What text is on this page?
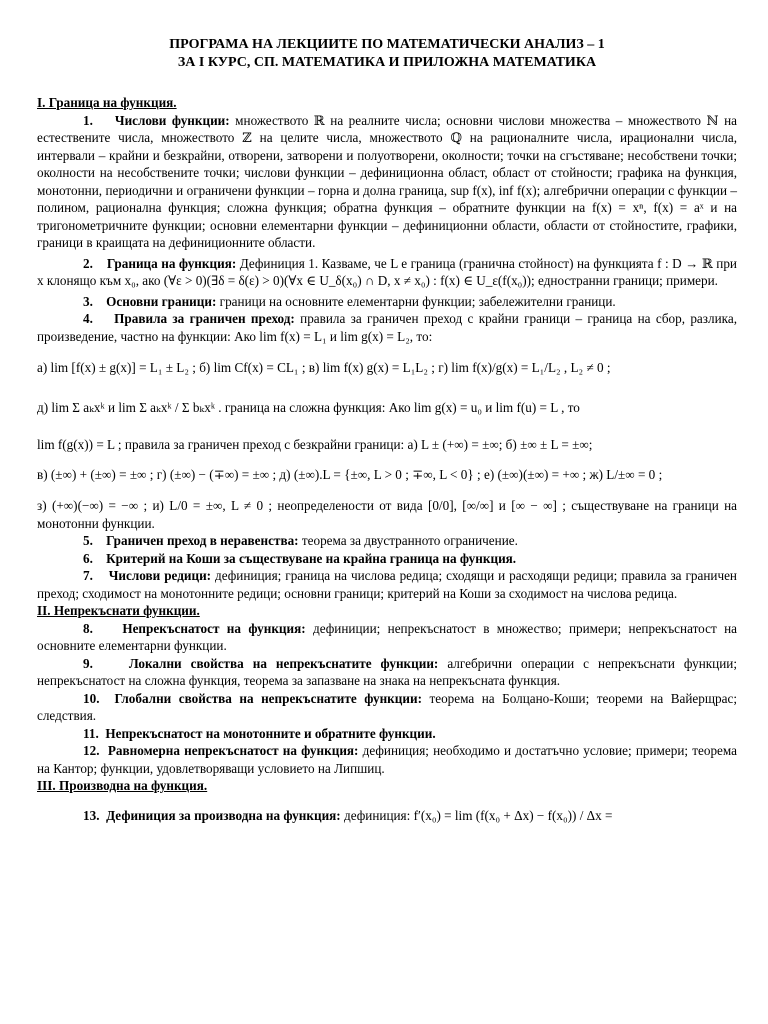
ПРОГРАМА НА ЛЕКЦИИТЕ ПО МАТЕМАТИЧЕСКИ АНАЛИЗ – 1
ЗА I КУРС, СП. МАТЕМАТИКА И ПРИЛОЖНА МАТЕМАТИКА
I. Граница на функция.

1.    Числови функции: множеството ℝ на реалните числа; основни числови множества – множеството ℕ на естествените числа, множеството ℤ на целите числа, множеството ℚ на рационалните числа, ирационални числа, интервали – крайни и безкрайни, отворени, затворени и полуотворени, околности; точки на сгъстяване; несобствени точки; околности на несобствените точки; числови функции – дефиниционна област, област от стойности; графика на функция, монотонни, периодични и ограничени функции – горна и долна граница, sup f(x), inf f(x); алгебрични операции с функции – полином, рационална функция; сложна функция; обратна функция – обратните функции на f(x) = xⁿ, f(x) = aˣ и на тригонометричните функции; основни елементарни функции – дефиниционни области, области от стойностите, графики, граници в краищата на дефиниционните области.

2.    Граница на функция: Дефиниция 1. Казваме, че L е граница (гранична стойност) на функцията f : D → ℝ при x клонящо към x₀, ако (∀ε > 0)(∃δ = δ(ε) > 0)(∀x ∈ U_δ(x₀) ∩ D, x ≠ x₀) : f(x) ∈ U_ε(f(x₀)); едностранни граници; примери.

3.    Основни граници: граници на основните елементарни функции; забележителни граници.

4.    Правила за граничен преход: правила за граничен преход с крайни граници – граница на сбор, разлика, произведение, частно на функции: Ако lim f(x) = L₁ и lim g(x) = L₂, то:

а) lim [f(x) ± g(x)] = L₁ ± L₂ ; б) lim Cf(x) = CL₁ ; в) lim f(x) g(x) = L₁L₂ ; г) lim f(x)/g(x) = L₁/L₂ , L₂ ≠ 0 ;
д) lim Σ aₖxᵏ и lim Σ aₖxᵏ / Σ bₖxᵏ . граница на сложна функция: Ако lim g(x) = u₀ и lim f(u) = L , то
lim f(g(x)) = L ; правила за граничен преход с безкрайни граници: а) L ± (+∞) = ±∞; б) ±∞ ± L = ±∞;
в) (±∞) + (±∞) = ±∞ ; г) (±∞) − (∓∞) = ±∞ ; д) (±∞).L = {±∞, L > 0 ; ∓∞, L < 0} ; е) (±∞)(±∞) = +∞ ; ж) L/±∞ = 0 ;

з) (+∞)(−∞) = −∞ ; и) L/0 = ±∞, L ≠ 0 ; неопределености от вида [0/0], [∞/∞] и [∞ − ∞] ; съществуване на граници на монотонни функции.

5.    Граничен преход в неравенства: теорема за двустранното ограничение.

6.    Критерий на Коши за съществуване на крайна граница на функция.

7.    Числови редици: дефиниция; граница на числова редица; сходящи и расходящи редици; правила за граничен преход; сходимост на монотонните редици; основни граници; критерий на Коши за сходимост на числова редица.

II. Непрекъснати функции.

8.    Непрекъснатост на функция: дефиниции; непрекъснатост в множество; примери; непрекъснатост на основните елементарни функции.

9.    Локални свойства на непрекъснатите функции: алгебрични операции с непрекъснати функции; непрекъснатост на сложна функция, теорема за запазване на знака на непрекъсната функция.

10.  Глобални свойства на непрекъснатите функции: теорема на Болцано-Коши; теореми на Вайерщрас; следствия.

11.  Непрекъснатост на монотонните и обратните функции.

12.  Равномерна непрекъснатост на функция: дефиниция; необходимо и достатъчно условие; примери; теорема на Кантор; функции, удовлетворяващи условието на Липшиц.

III. Производна на функция.

13.  Дефиниция за производна на функция: дефиниция: f′(x₀) = lim (f(x₀ + Δx) − f(x₀)) / Δx =
